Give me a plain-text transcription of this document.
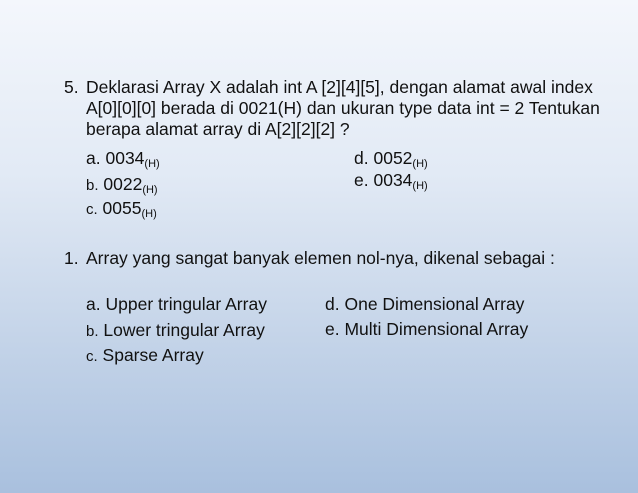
5. Deklarasi Array X adalah int A [2][4][5], dengan alamat awal index A[0][0][0] berada di 0021(H) dan ukuran type data int = 2 Tentukan berapa alamat array di A[2][2][2] ?
a. $0034_{(H)}$
b. $0022_{(H)}$
c. $0055_{(H)}$
d. $0052_{(H)}$
e. $0034_{(H)}$
1. Array yang sangat banyak elemen nol-nya, dikenal sebagai :
a. Upper tringular Array
b. Lower tringular Array
c. Sparse Array
d. One Dimensional Array
e. Multi Dimensional Array
